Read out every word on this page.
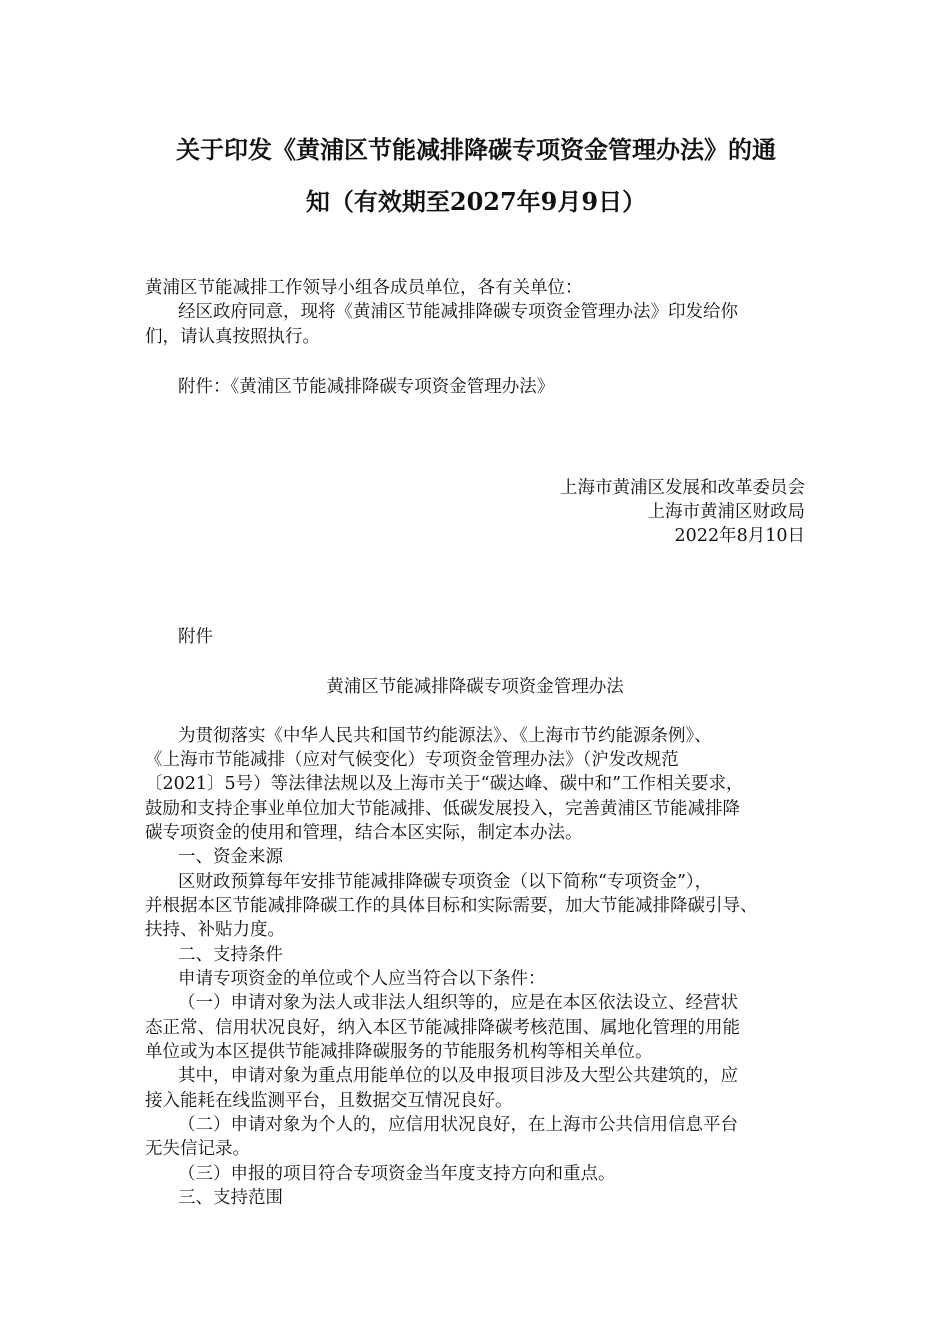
关于印发《黄浦区节能减排降碳专项资金管理办法》的通
知（有效期至2027年9月9日）
黄浦区节能减排工作领导小组各成员单位，各有关单位：
经区政府同意，现将《黄浦区节能减排降碳专项资金管理办法》印发给你
们，请认真按照执行。
附件：《黄浦区节能减排降碳专项资金管理办法》
上海市黄浦区发展和改革委员会
上海市黄浦区财政局
2022年8月10日
附件
黄浦区节能减排降碳专项资金管理办法
为贯彻落实《中华人民共和国节约能源法》、《上海市节约能源条例》、
《上海市节能减排（应对气候变化）专项资金管理办法》（沪发改规范
〔2021〕5号）等法律法规以及上海市关于“碳达峰、碳中和”工作相关要求，
鼓励和支持企事业单位加大节能减排、低碳发展投入，完善黄浦区节能减排降
碳专项资金的使用和管理，结合本区实际，制定本办法。
一、资金来源
区财政预算每年安排节能减排降碳专项资金（以下简称“专项资金”），
并根据本区节能减排降碳工作的具体目标和实际需要，加大节能减排降碳引导、
扶持、补贴力度。
二、支持条件
申请专项资金的单位或个人应当符合以下条件：
（一）申请对象为法人或非法人组织等的，应是在本区依法设立、经营状
态正常、信用状况良好，纳入本区节能减排降碳考核范围、属地化管理的用能
单位或为本区提供节能减排降碳服务的节能服务机构等相关单位。
其中，申请对象为重点用能单位的以及申报项目涉及大型公共建筑的，应
接入能耗在线监测平台，且数据交互情况良好。
（二）申请对象为个人的，应信用状况良好，在上海市公共信用信息平台
无失信记录。
（三）申报的项目符合专项资金当年度支持方向和重点。
三、支持范围
